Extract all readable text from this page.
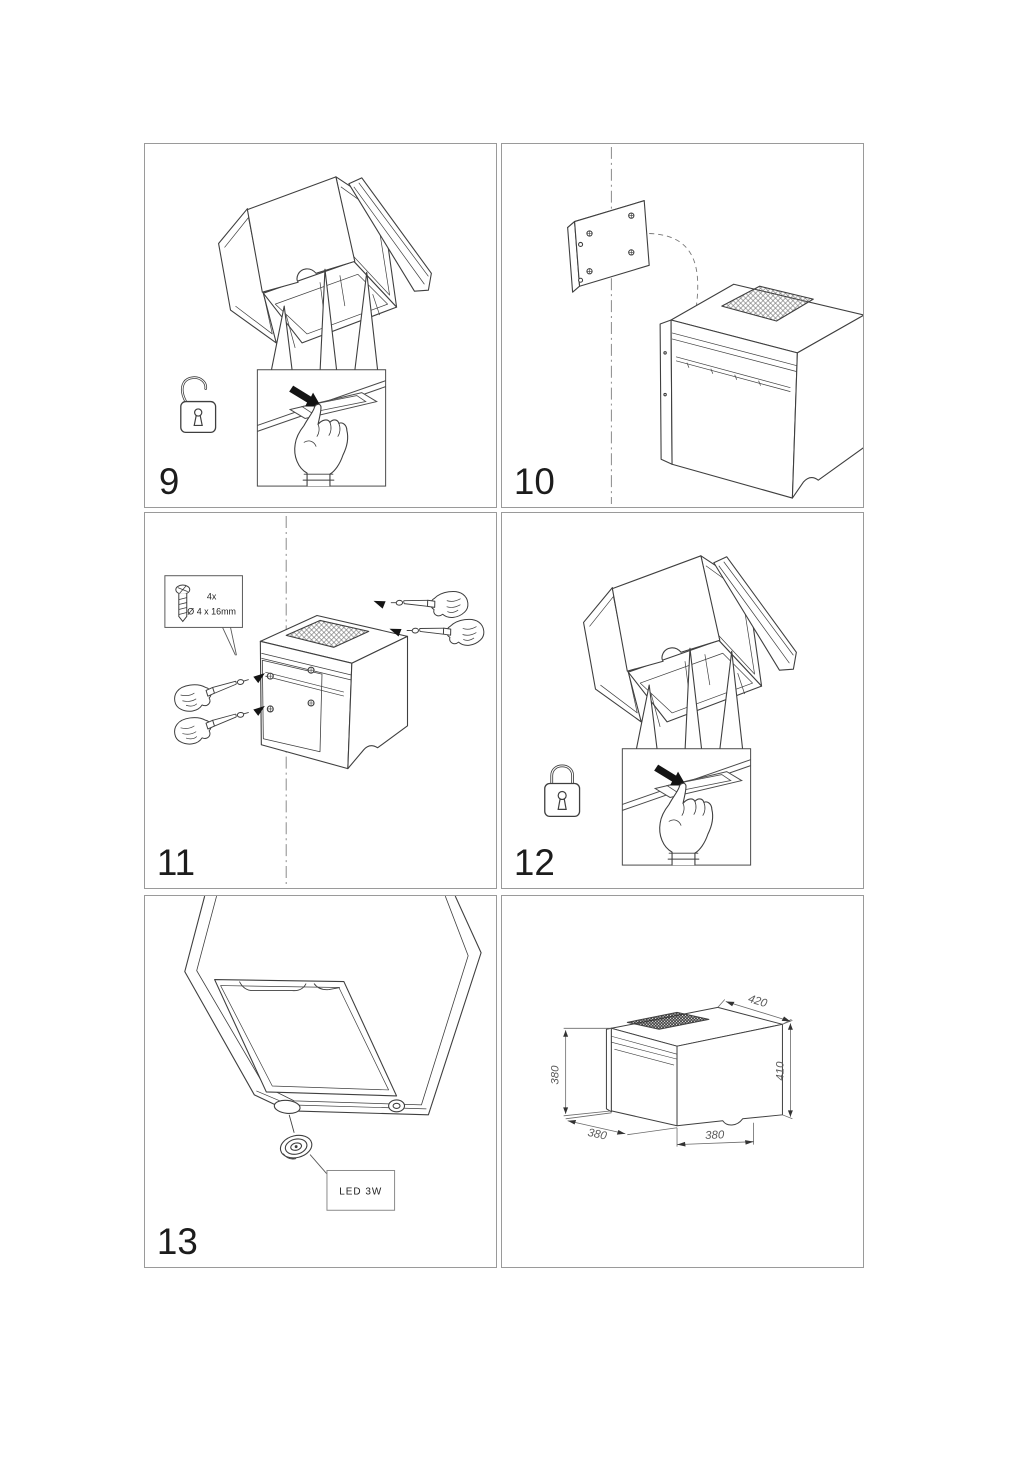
9	10
4x
Ø 4 x 16mm
11	12
LED 3W
13
380
380
420
410
380
